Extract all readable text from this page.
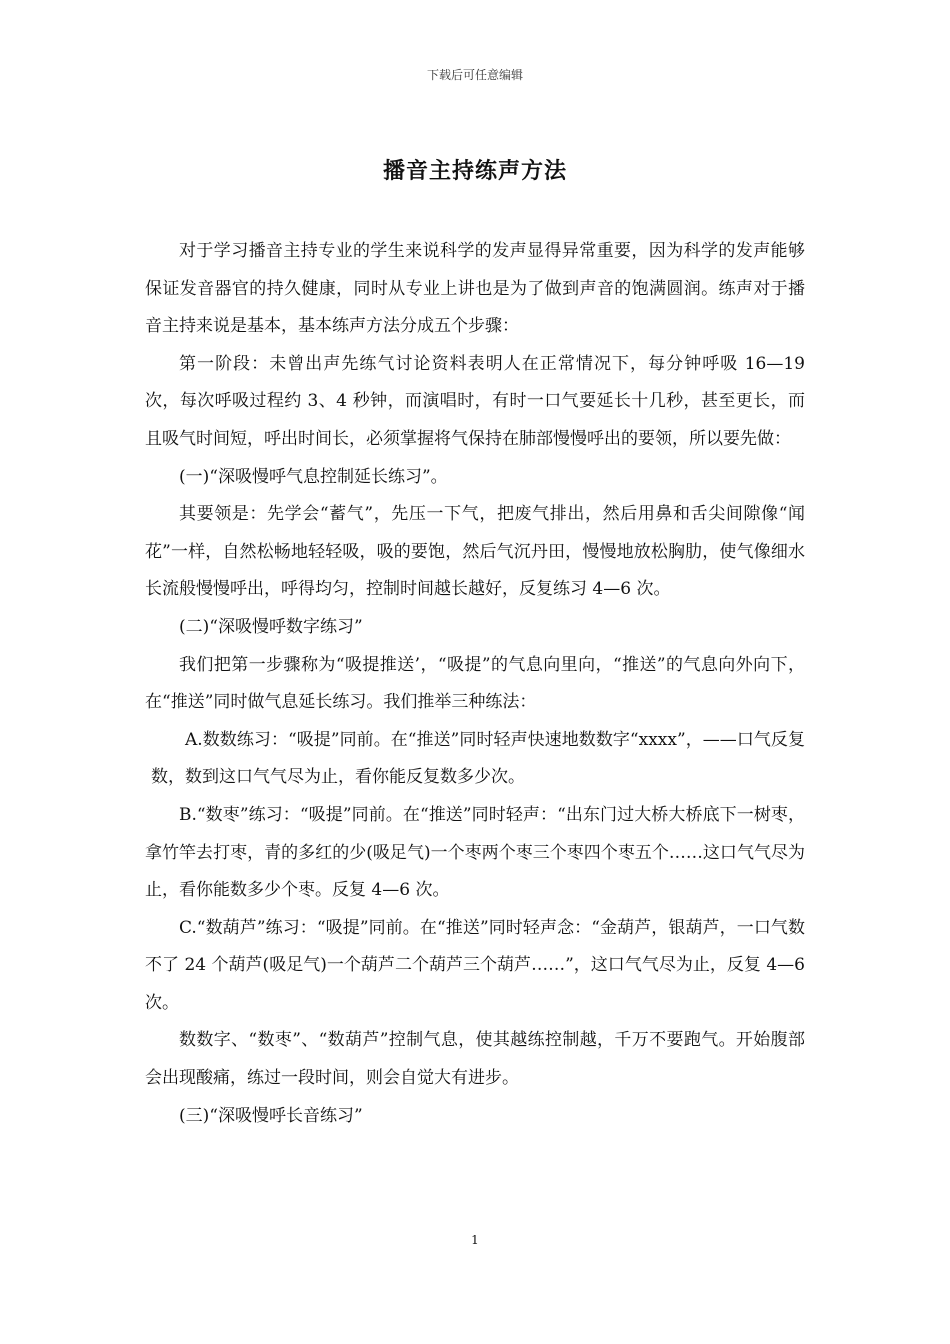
下载后可任意编辑
播音主持练声方法

对于学习播音主持专业的学生来说科学的发声显得异常重要，因为科学的发声能够保证发音器官的持久健康，同时从专业上讲也是为了做到声音的饱满圆润。练声对于播音主持来说是基本，基本练声方法分成五个步骤：

第一阶段：未曾出声先练气讨论资料表明人在正常情况下，每分钟呼吸 16—19 次，每次呼吸过程约 3、4 秒钟，而演唱时，有时一口气要延长十几秒，甚至更长，而且吸气时间短，呼出时间长，必须掌握将气保持在肺部慢慢呼出的要领，所以要先做：

(一)“深吸慢呼气息控制延长练习”。

其要领是：先学会“蓄气”，先压一下气，把废气排出，然后用鼻和舌尖间隙像“闻花”一样，自然松畅地轻轻吸，吸的要饱，然后气沉丹田，慢慢地放松胸肋，使气像细水长流般慢慢呼出，呼得均匀，控制时间越长越好，反复练习 4—6 次。

(二)“深吸慢呼数字练习”

我们把第一步骤称为“吸提推送’，“吸提”的气息向里向，“推送”的气息向外向下，在“推送”同时做气息延长练习。我们推举三种练法：

A.数数练习：“吸提”同前。在“推送”同时轻声快速地数数字“xxxx”，——口气反复数，数到这口气气尽为止，看你能反复数多少次。

B.“数枣”练习：“吸提”同前。在“推送”同时轻声：“出东门过大桥大桥底下一树枣，拿竹竿去打枣，青的多红的少(吸足气)一个枣两个枣三个枣四个枣五个……这口气气尽为止，看你能数多少个枣。反复 4—6 次。

C.“数葫芦”练习：“吸提”同前。在“推送”同时轻声念：“金葫芦，银葫芦，一口气数不了 24 个葫芦(吸足气)一个葫芦二个葫芦三个葫芦……”，这口气气尽为止，反复 4—6 次。

数数字、“数枣”、“数葫芦”控制气息，使其越练控制越，千万不要跑气。开始腹部会出现酸痛，练过一段时间，则会自觉大有进步。

(三)“深吸慢呼长音练习”

1
